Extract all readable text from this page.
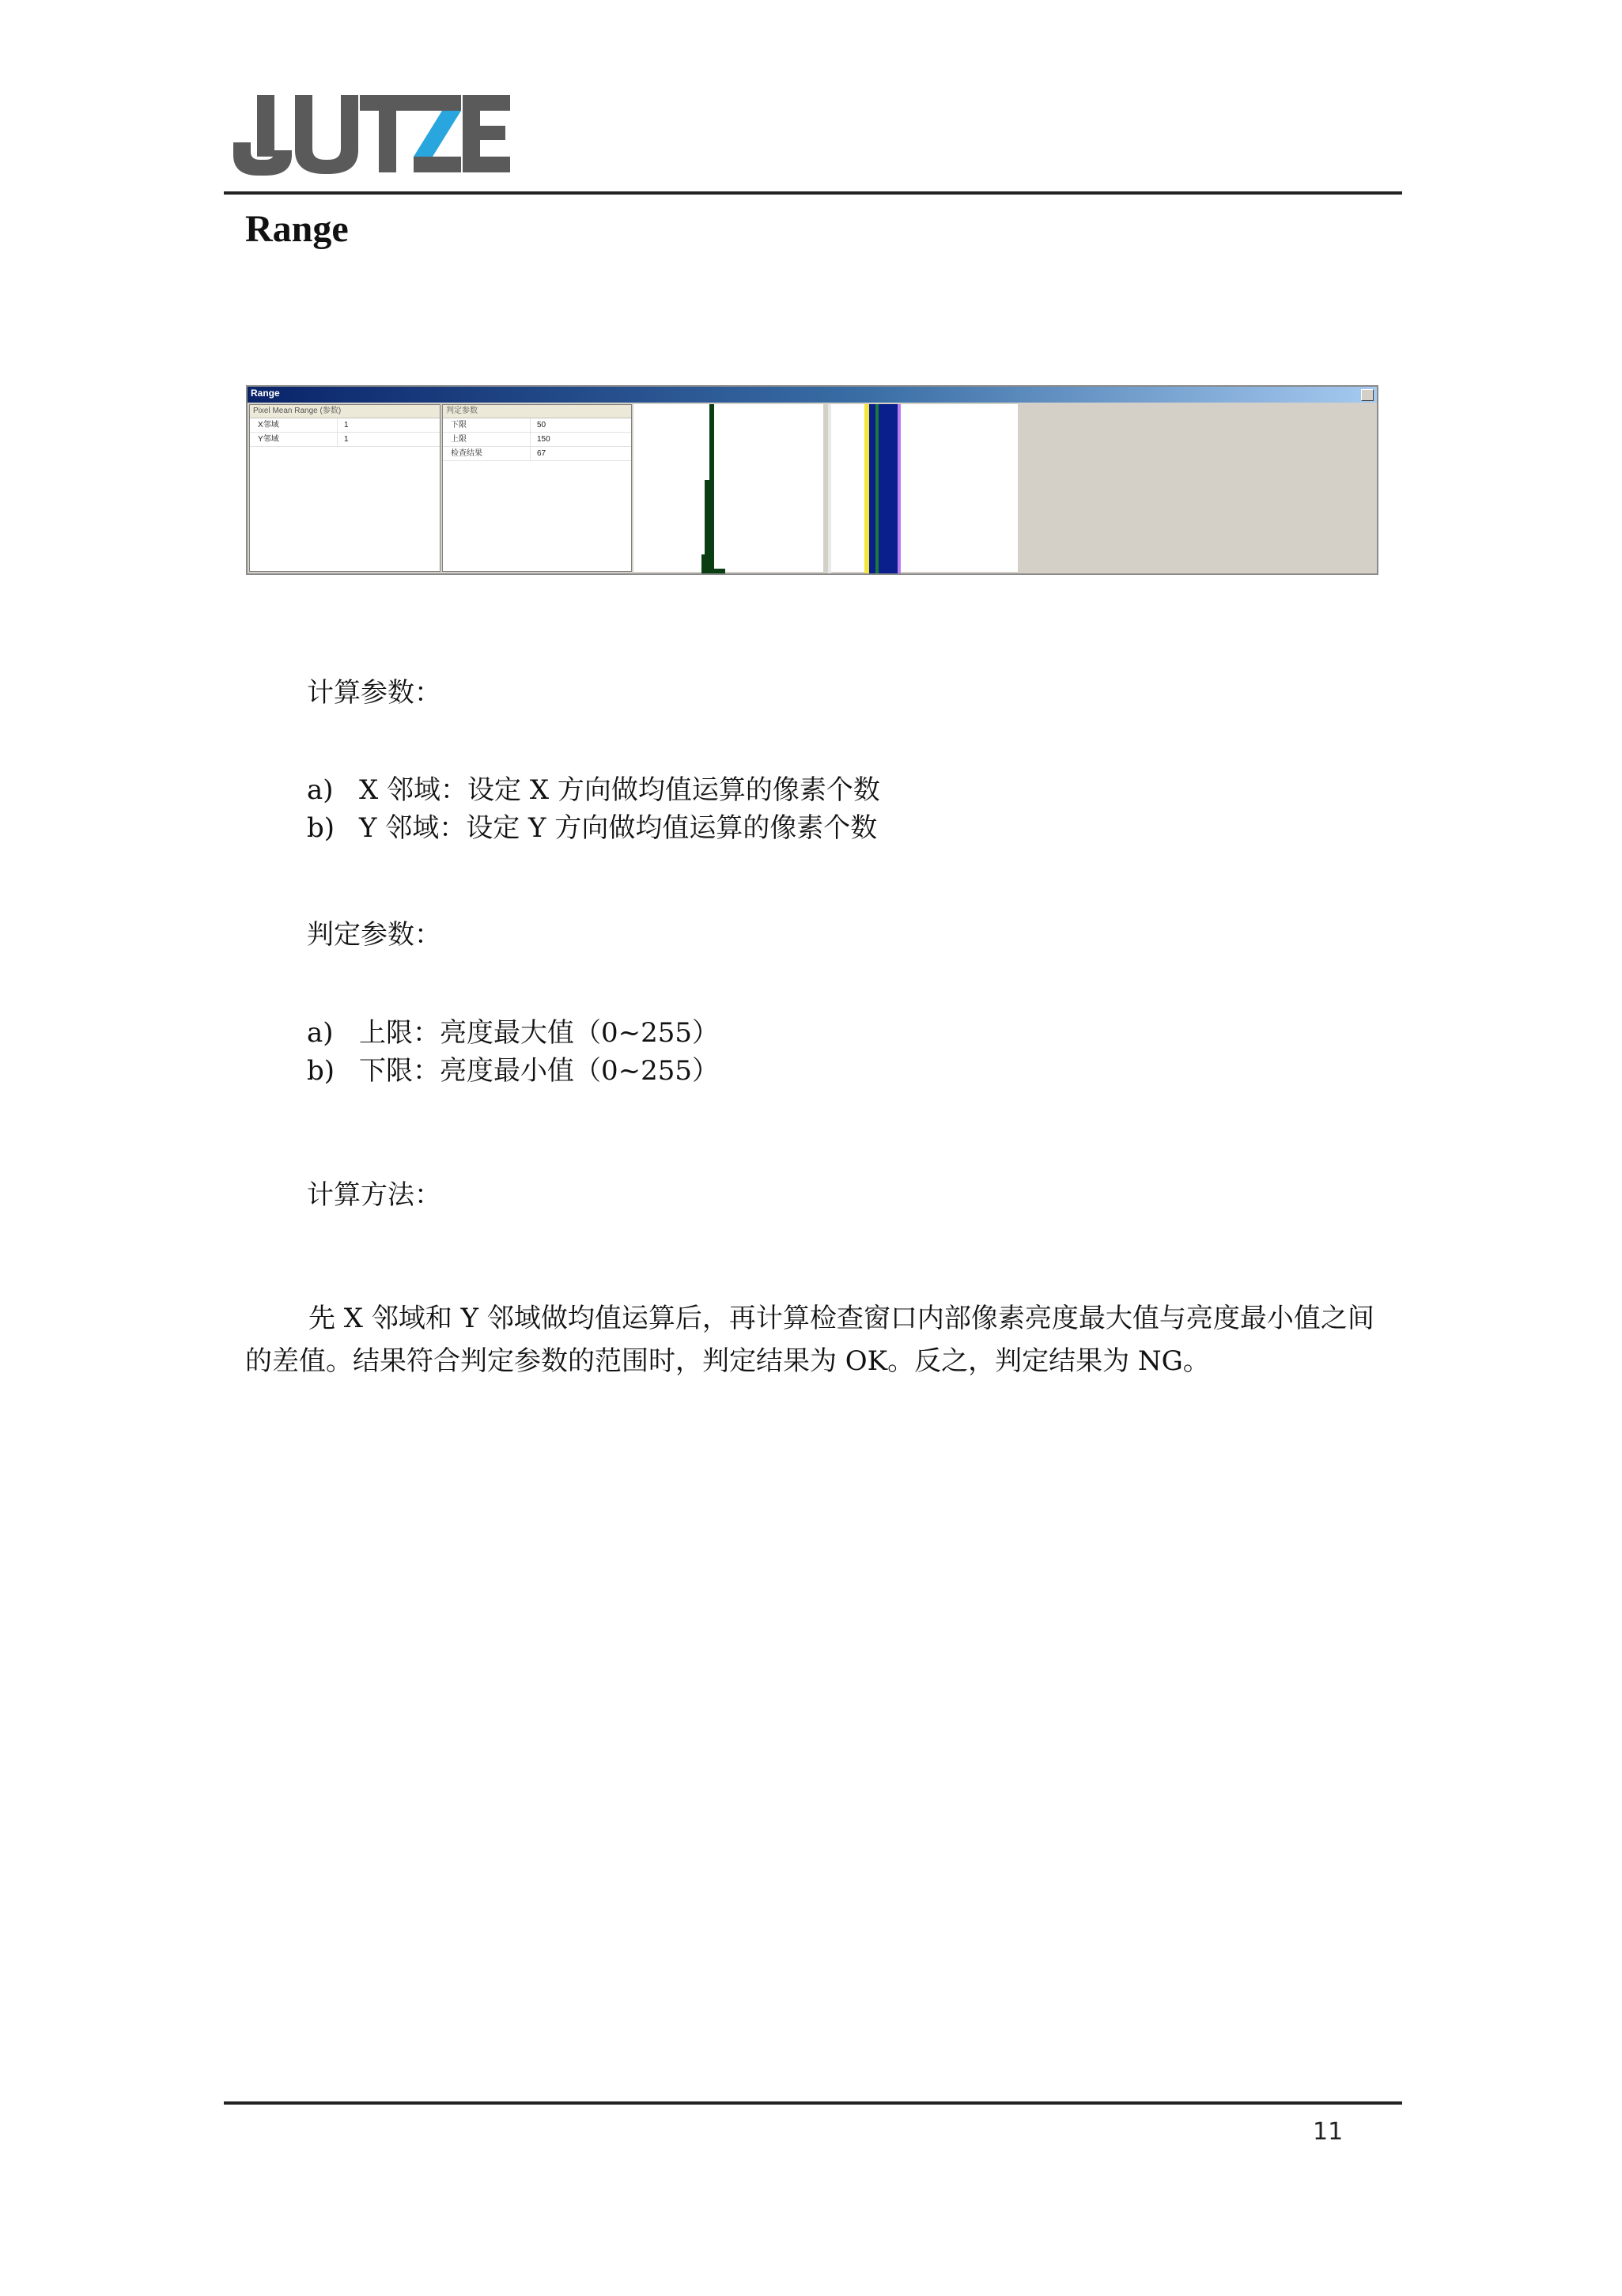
Range
Range
Pixel Mean Range (参数)
X邻域	1
Y邻域	1
判定参数
下限	50
上限	150
检查结果	67
计算参数：
a) X 邻域：设定 X 方向做均值运算的像素个数
b) Y 邻域：设定 Y 方向做均值运算的像素个数
判定参数：
a) 上限：亮度最大值（0~255）
b) 下限：亮度最小值（0~255）
计算方法：
先 X 邻域和 Y 邻域做均值运算后，再计算检查窗口内部像素亮度最大值与亮度最小值之间的差值。结果符合判定参数的范围时，判定结果为 OK。反之，判定结果为 NG。
11
